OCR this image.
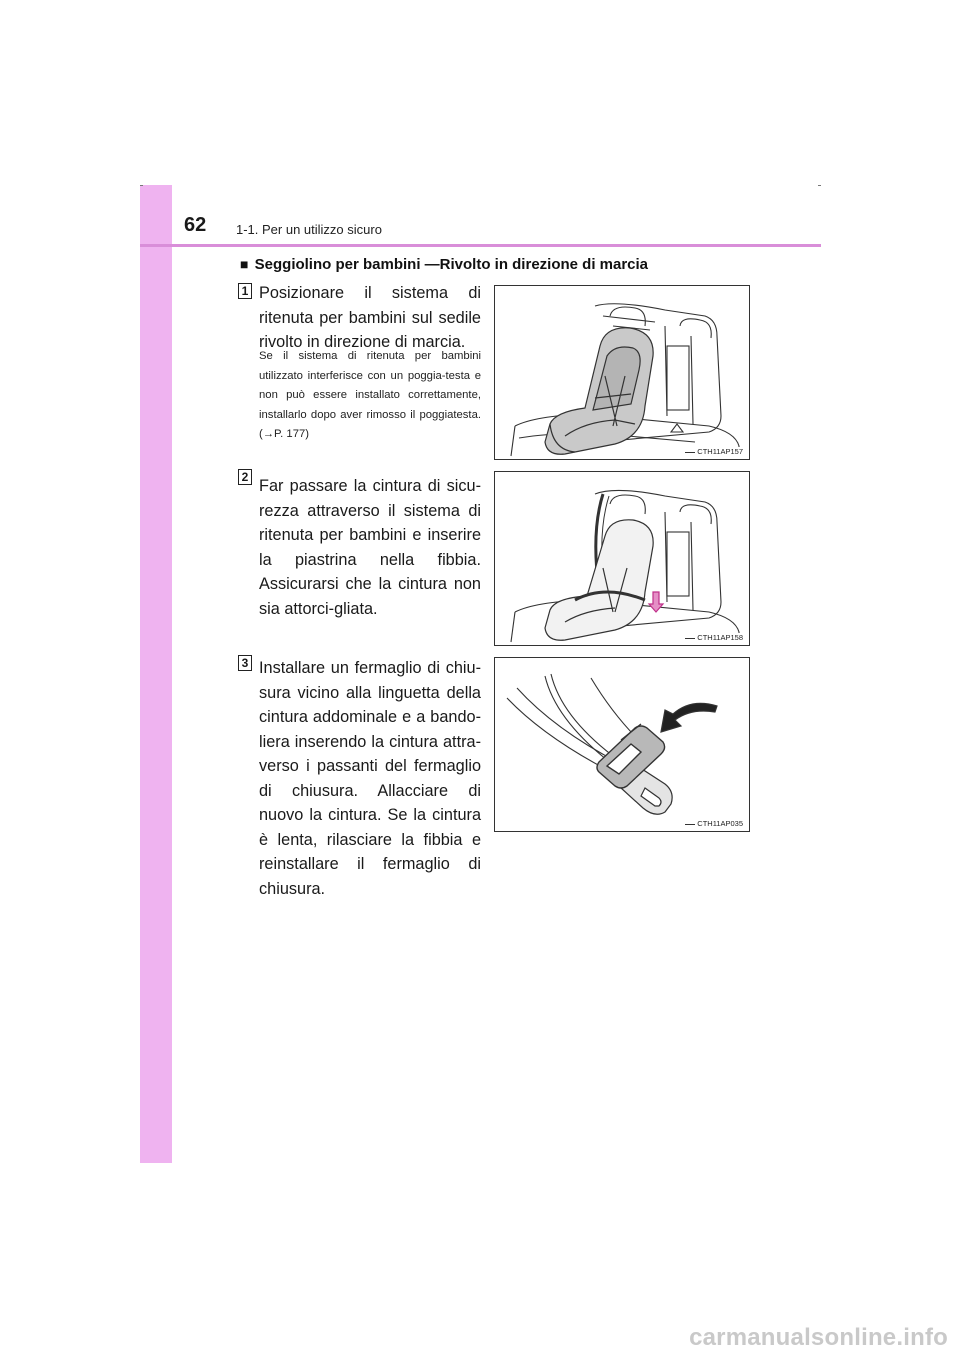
62 1-1. Per un utilizzo sicuro
■ Seggiolino per bambini —Rivolto in direzione di marcia
1 Posizionare il sistema di ritenuta per bambini sul sedile rivolto in direzione di marcia.
Se il sistema di ritenuta per bambini utilizzato interferisce con un poggia-testa e non può essere installato correttamente, installarlo dopo aver rimosso il poggiatesta. (→P. 177)
CTH11AP157
2 Far passare la cintura di sicu-rezza attraverso il sistema di ritenuta per bambini e inserire la piastrina nella fibbia. Assicurarsi che la cintura non sia attorci-gliata.
CTH11AP158
3 Installare un fermaglio di chiu-sura vicino alla linguetta della cintura addominale e a bando-liera inserendo la cintura attra-verso i passanti del fermaglio di chiusura. Allacciare di nuovo la cintura. Se la cintura è lenta, rilasciare la fibbia e reinstallare il fermaglio di chiusura.
CTH11AP035
carmanualsonline.info
